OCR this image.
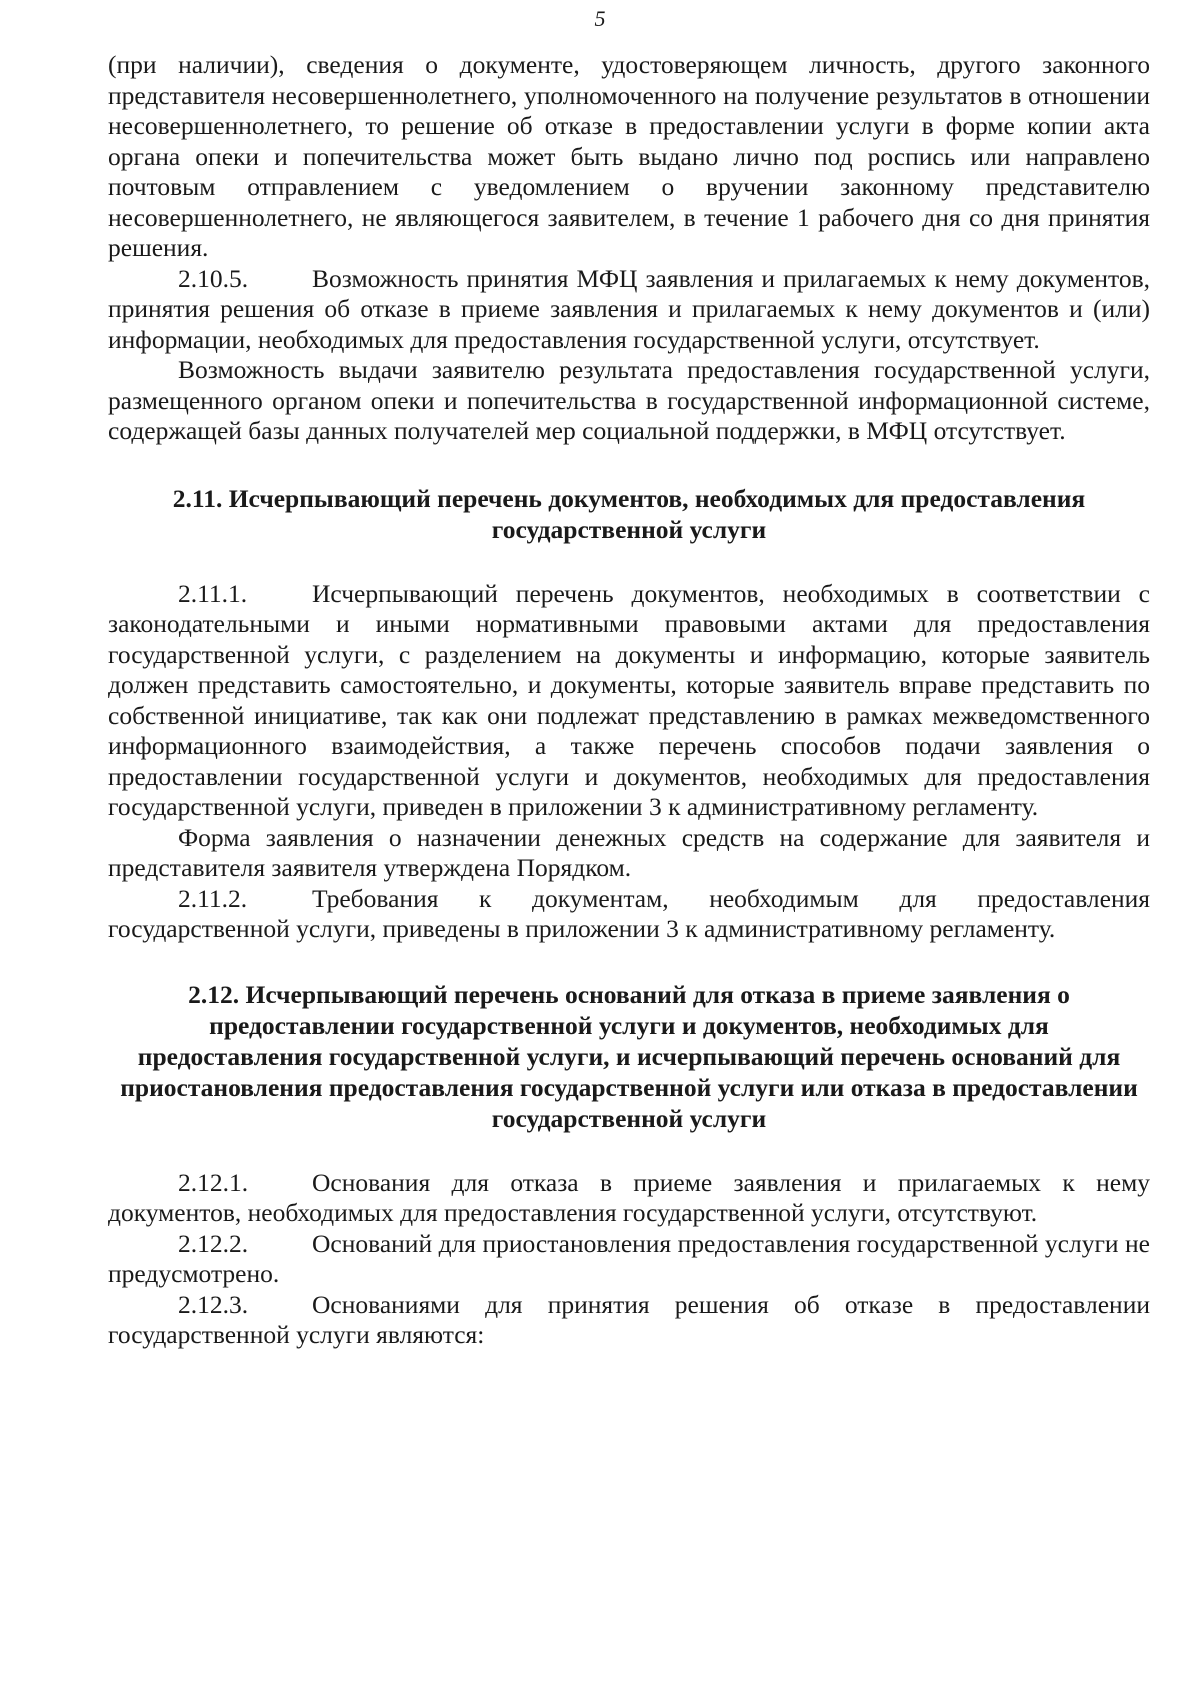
5

(при наличии), сведения о документе, удостоверяющем личность, другого законного представителя несовершеннолетнего, уполномоченного на получение результатов в отношении несовершеннолетнего, то решение об отказе в предоставлении услуги в форме копии акта органа опеки и попечительства может быть выдано лично под роспись или направлено почтовым отправлением с уведомлением о вручении законному представителю несовершеннолетнего, не являющегося заявителем, в течение 1 рабочего дня со дня принятия решения.

2.10.5.	Возможность принятия МФЦ заявления и прилагаемых к нему документов, принятия решения об отказе в приеме заявления и прилагаемых к нему документов и (или) информации, необходимых для предоставления государственной услуги, отсутствует.

Возможность выдачи заявителю результата предоставления государственной услуги, размещенного органом опеки и попечительства в государственной информационной системе, содержащей базы данных получателей мер социальной поддержки, в МФЦ отсутствует.

2.11. Исчерпывающий перечень документов, необходимых для предоставления государственной услуги

2.11.1.	Исчерпывающий перечень документов, необходимых в соответствии с законодательными и иными нормативными правовыми актами для предоставления государственной услуги, с разделением на документы и информацию, которые заявитель должен представить самостоятельно, и документы, которые заявитель вправе представить по собственной инициативе, так как они подлежат представлению в рамках межведомственного информационного взаимодействия, а также перечень способов подачи заявления о предоставлении государственной услуги и документов, необходимых для предоставления государственной услуги, приведен в приложении 3 к административному регламенту.

Форма заявления о назначении денежных средств на содержание для заявителя и представителя заявителя утверждена Порядком.

2.11.2.	Требования к документам, необходимым для предоставления государственной услуги, приведены в приложении 3 к административному регламенту.

2.12. Исчерпывающий перечень оснований для отказа в приеме заявления о предоставлении государственной услуги и документов, необходимых для предоставления государственной услуги, и исчерпывающий перечень оснований для приостановления предоставления государственной услуги или отказа в предоставлении государственной услуги

2.12.1.	Основания для отказа в приеме заявления и прилагаемых к нему документов, необходимых для предоставления государственной услуги, отсутствуют.

2.12.2.	Оснований для приостановления предоставления государственной услуги не предусмотрено.

2.12.3.	Основаниями для принятия решения об отказе в предоставлении государственной услуги являются:
